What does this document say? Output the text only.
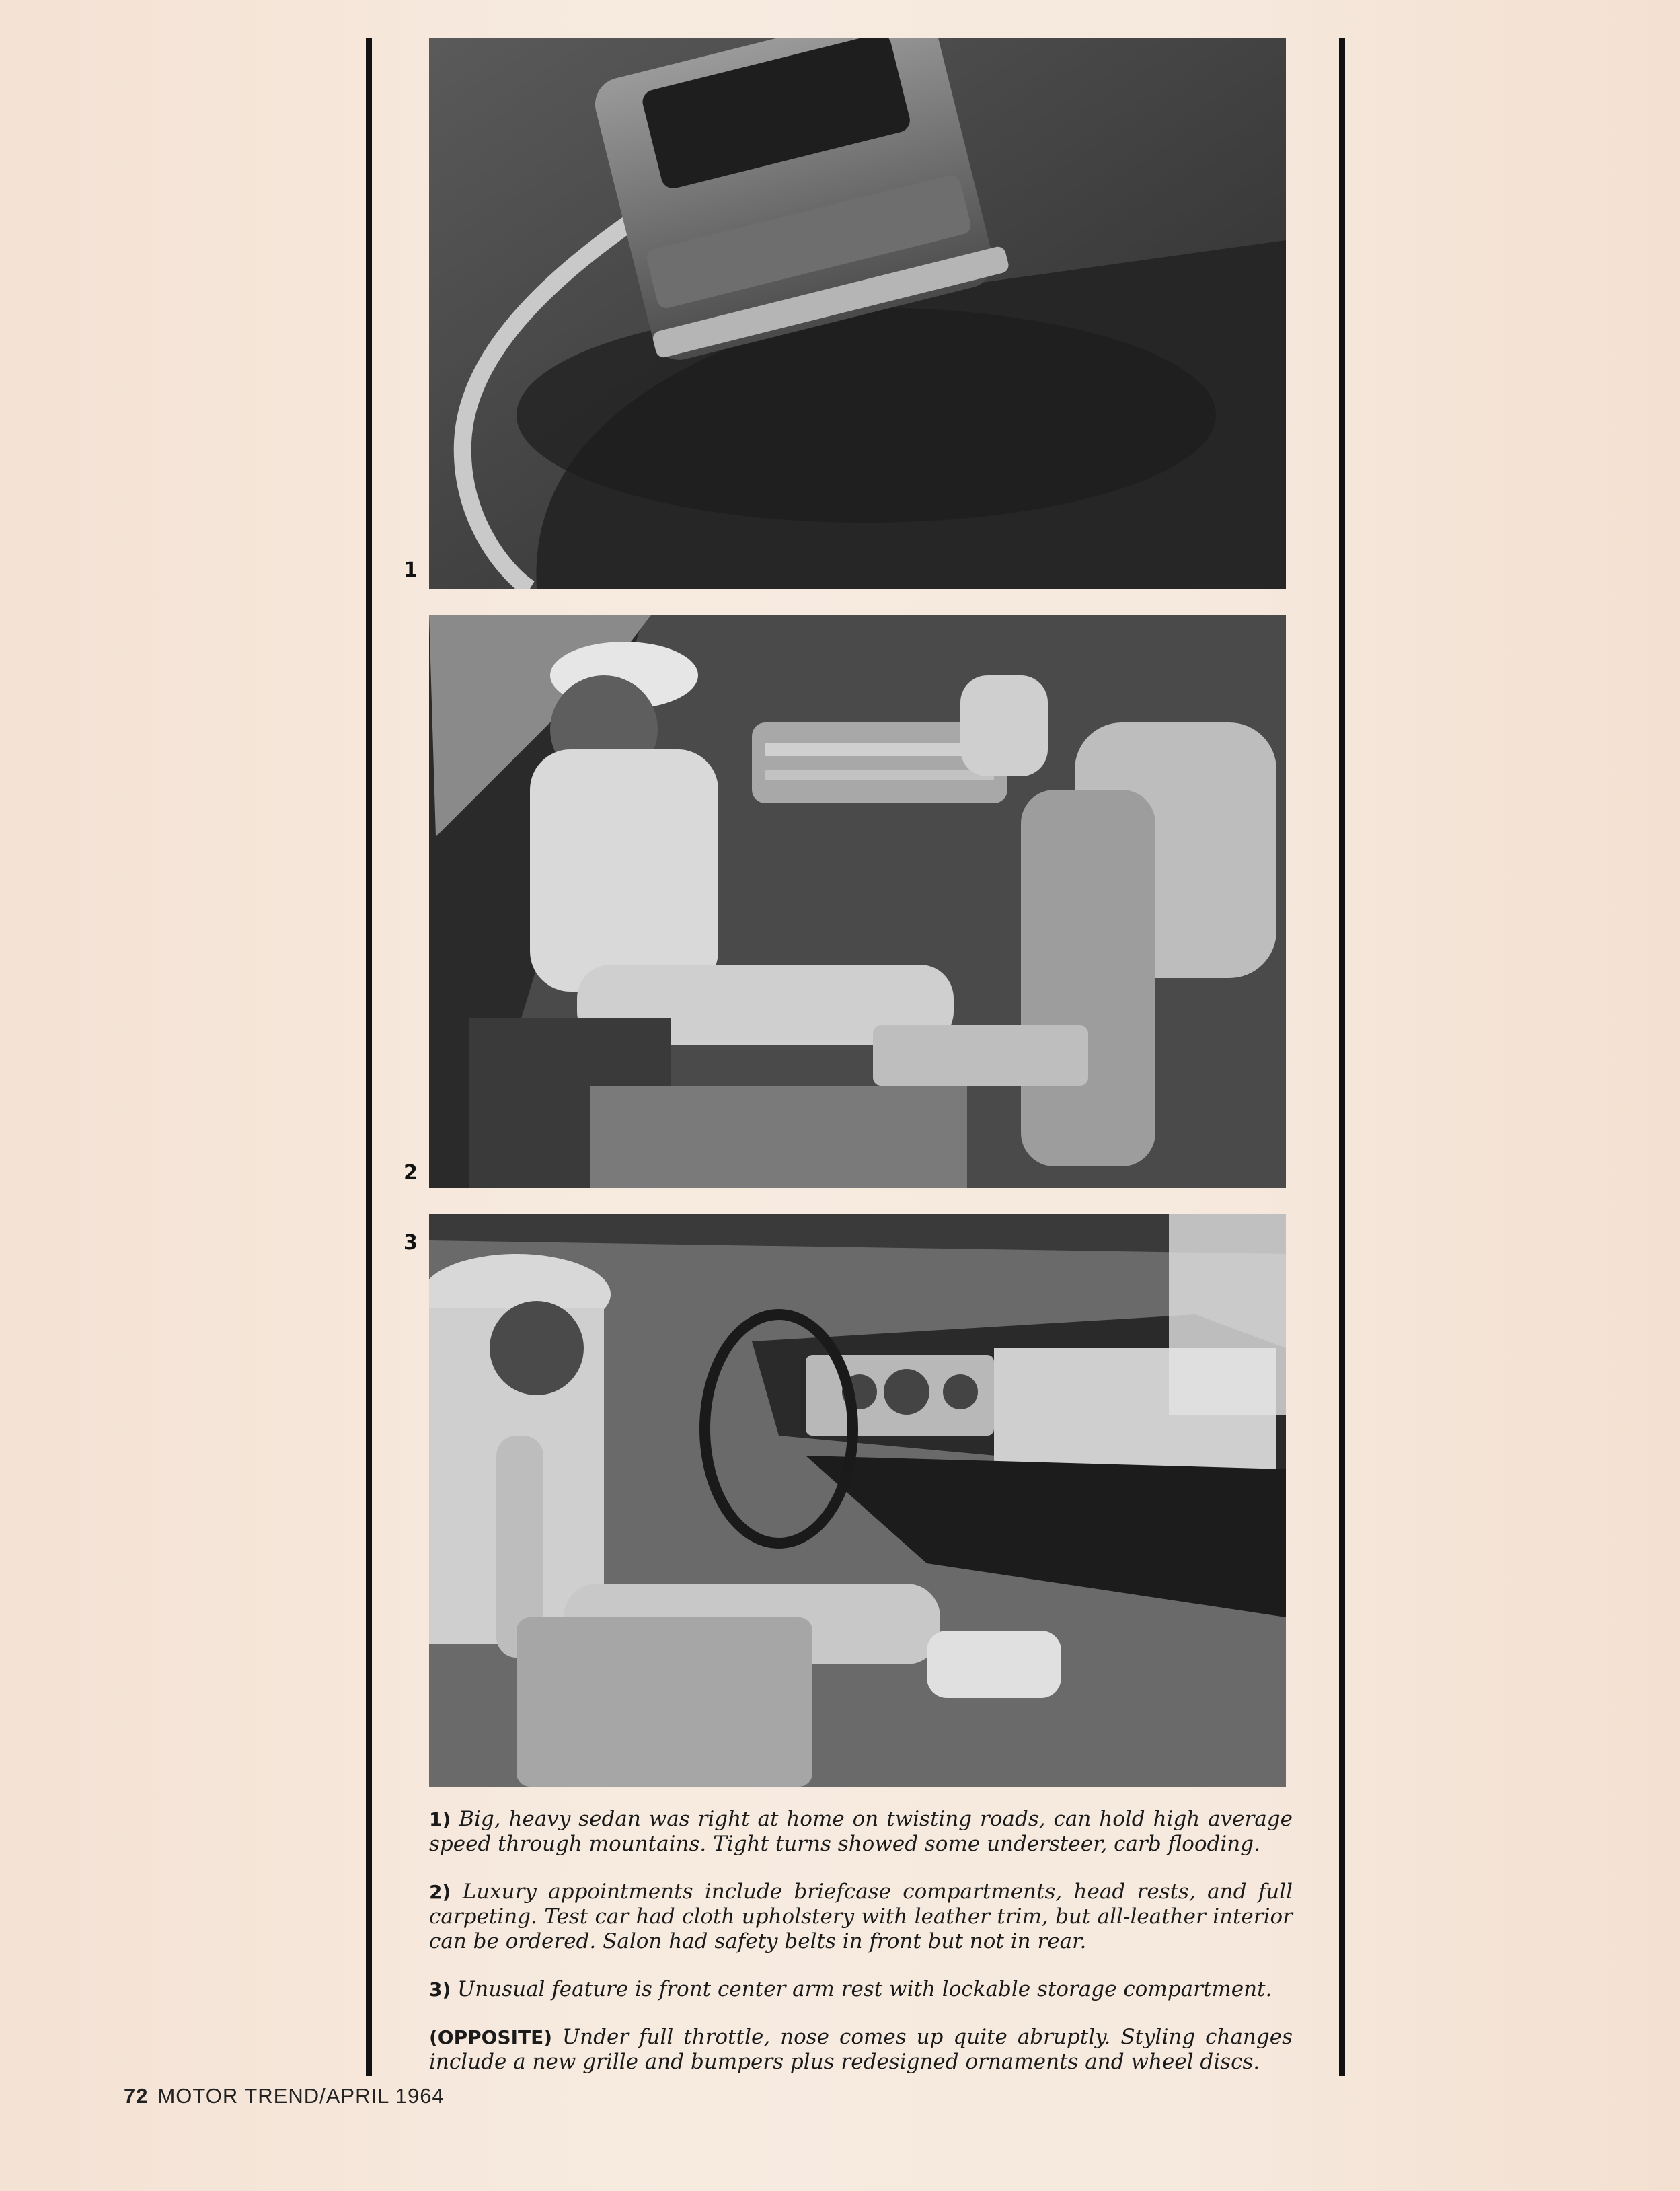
1
2
3

1) Big, heavy sedan was right at home on twisting roads, can hold high average speed through mountains. Tight turns showed some understeer, carb flooding.

2) Luxury appointments include briefcase compartments, head rests, and full carpeting. Test car had cloth upholstery with leather trim, but all-leather interior can be ordered. Salon had safety belts in front but not in rear.

3) Unusual feature is front center arm rest with lockable storage compartment.

(OPPOSITE) Under full throttle, nose comes up quite abruptly. Styling changes include a new grille and bumpers plus redesigned ornaments and wheel discs.

72 MOTOR TREND/APRIL 1964
